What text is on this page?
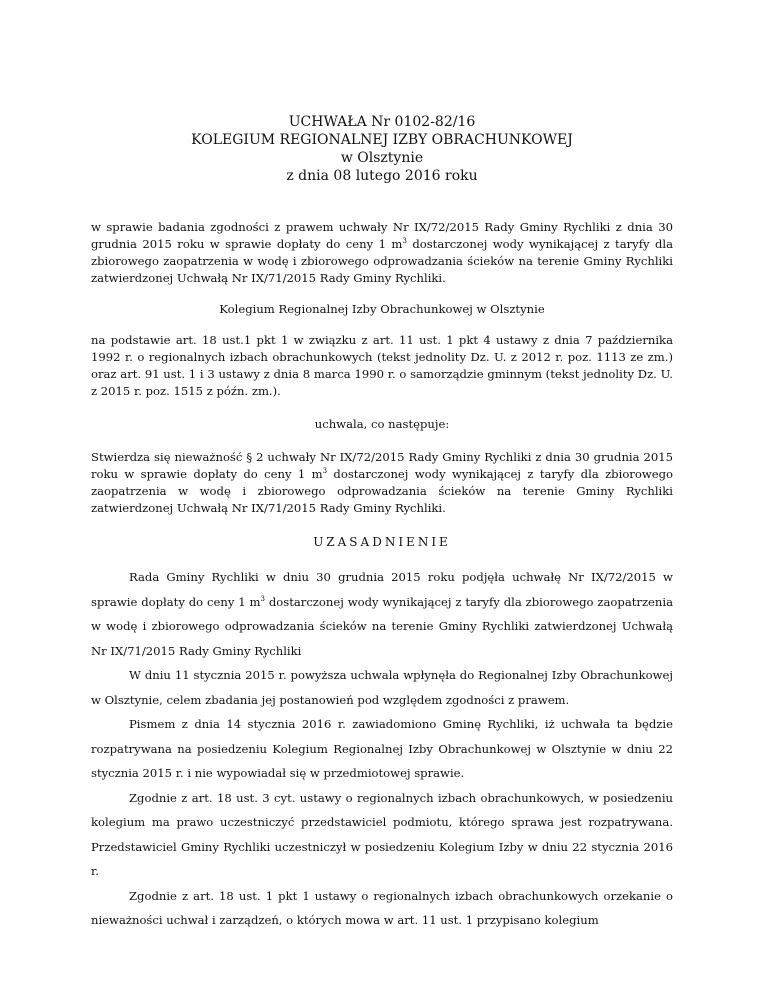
UCHWAŁA Nr 0102-82/16
KOLEGIUM REGIONALNEJ IZBY OBRACHUNKOWEJ
w Olsztynie
z dnia 08 lutego 2016 roku

w sprawie badania zgodności z prawem uchwały Nr IX/72/2015 Rady Gminy Rychliki z dnia 30 grudnia 2015 roku w sprawie dopłaty do ceny 1 $m^3$ dostarczonej wody wynikającej z taryfy dla zbiorowego zaopatrzenia w wodę i zbiorowego odprowadzania ścieków na terenie Gminy Rychliki zatwierdzonej Uchwałą Nr IX/71/2015 Rady Gminy Rychliki.

Kolegium Regionalnej Izby Obrachunkowej w Olsztynie

na podstawie art. 18 ust.1 pkt 1 w związku z art. 11 ust. 1 pkt 4 ustawy z dnia 7 października 1992 r. o regionalnych izbach obrachunkowych (tekst jednolity Dz. U. z 2012 r. poz. 1113 ze zm.) oraz art. 91 ust. 1 i 3 ustawy z dnia 8 marca 1990 r. o samorządzie gminnym (tekst jednolity Dz. U. z 2015 r. poz. 1515 z późn. zm.).

uchwala, co następuje:

Stwierdza się nieważność § 2 uchwały Nr IX/72/2015 Rady Gminy Rychliki z dnia 30 grudnia 2015 roku w sprawie dopłaty do ceny 1 $m^3$ dostarczonej wody wynikającej z taryfy dla zbiorowego zaopatrzenia w wodę i zbiorowego odprowadzania ścieków na terenie Gminy Rychliki zatwierdzonej Uchwałą Nr IX/71/2015 Rady Gminy Rychliki.

UZASADNIENIE

Rada Gminy Rychliki w dniu 30 grudnia 2015 roku podjęła uchwałę Nr IX/72/2015 w sprawie dopłaty do ceny 1 $m^3$ dostarczonej wody wynikającej z taryfy dla zbiorowego zaopatrzenia w wodę i zbiorowego odprowadzania ścieków na terenie Gminy Rychliki zatwierdzonej Uchwałą Nr IX/71/2015 Rady Gminy Rychliki

W dniu 11 stycznia 2015 r. powyższa uchwala wpłynęła do Regionalnej Izby Obrachunkowej w Olsztynie, celem zbadania jej postanowień pod względem zgodności z prawem.

Pismem z dnia 14 stycznia 2016 r. zawiadomiono Gminę Rychliki, iż uchwała ta będzie rozpatrywana na posiedzeniu Kolegium Regionalnej Izby Obrachunkowej w Olsztynie w dniu 22 stycznia 2015 r. i nie wypowiadał się w przedmiotowej sprawie.

Zgodnie z art. 18 ust. 3 cyt. ustawy o regionalnych izbach obrachunkowych, w posiedzeniu kolegium ma prawo uczestniczyć przedstawiciel podmiotu, którego sprawa jest rozpatrywana. Przedstawiciel Gminy Rychliki uczestniczył w posiedzeniu Kolegium Izby w dniu 22 stycznia 2016 r.

Zgodnie z art. 18 ust. 1 pkt 1 ustawy o regionalnych izbach obrachunkowych orzekanie o nieważności uchwał i zarządzeń, o których mowa w art. 11 ust. 1 przypisano kolegium
